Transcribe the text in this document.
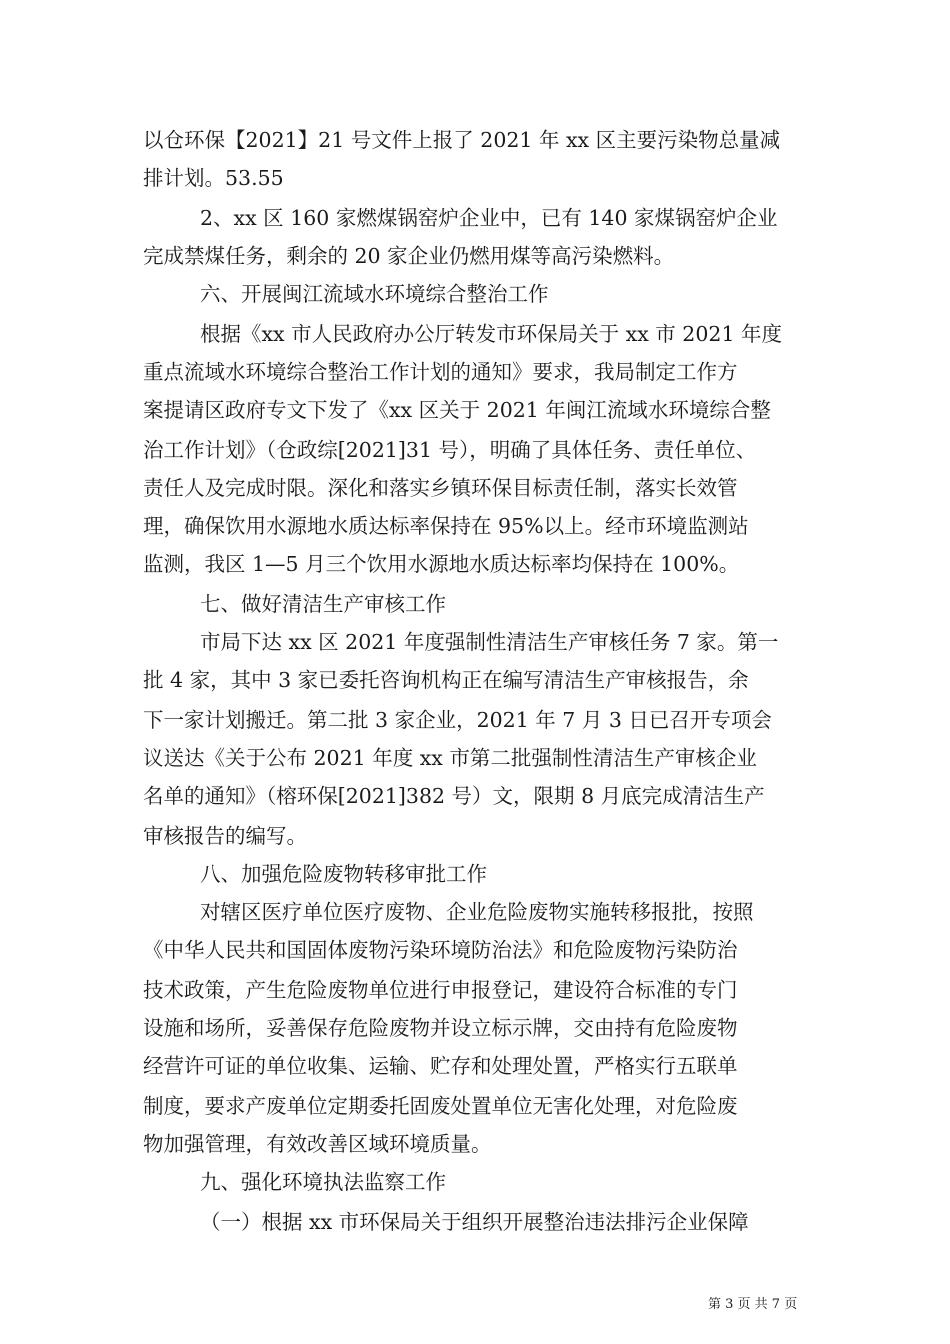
以仓环保【2021】21 号文件上报了 2021 年 xx 区主要污染物总量减
排计划。53.55
2、xx 区 160 家燃煤锅窑炉企业中，已有 140 家煤锅窑炉企业
完成禁煤任务，剩余的 20 家企业仍燃用煤等高污染燃料。
六、开展闽江流域水环境综合整治工作
根据《xx 市人民政府办公厅转发市环保局关于 xx 市 2021 年度
重点流域水环境综合整治工作计划的通知》要求，我局制定工作方
案提请区政府专文下发了《xx 区关于 2021 年闽江流域水环境综合整
治工作计划》（仓政综[2021]31 号），明确了具体任务、责任单位、
责任人及完成时限。深化和落实乡镇环保目标责任制，落实长效管
理，确保饮用水源地水质达标率保持在 95%以上。经市环境监测站
监测，我区 1—5 月三个饮用水源地水质达标率均保持在 100%。
七、做好清洁生产审核工作
市局下达 xx 区 2021 年度强制性清洁生产审核任务 7 家。第一
批 4 家，其中 3 家已委托咨询机构正在编写清洁生产审核报告，余
下一家计划搬迁。第二批 3 家企业，2021 年 7 月 3 日已召开专项会
议送达《关于公布 2021 年度 xx 市第二批强制性清洁生产审核企业
名单的通知》（榕环保[2021]382 号）文，限期 8 月底完成清洁生产
审核报告的编写。
八、加强危险废物转移审批工作
对辖区医疗单位医疗废物、企业危险废物实施转移报批，按照
《中华人民共和国固体废物污染环境防治法》和危险废物污染防治
技术政策，产生危险废物单位进行申报登记，建设符合标准的专门
设施和场所，妥善保存危险废物并设立标示牌，交由持有危险废物
经营许可证的单位收集、运输、贮存和处理处置，严格实行五联单
制度，要求产废单位定期委托固废处置单位无害化处理，对危险废
物加强管理，有效改善区域环境质量。
九、强化环境执法监察工作
（一）根据 xx 市环保局关于组织开展整治违法排污企业保障
第 3 页 共 7 页
